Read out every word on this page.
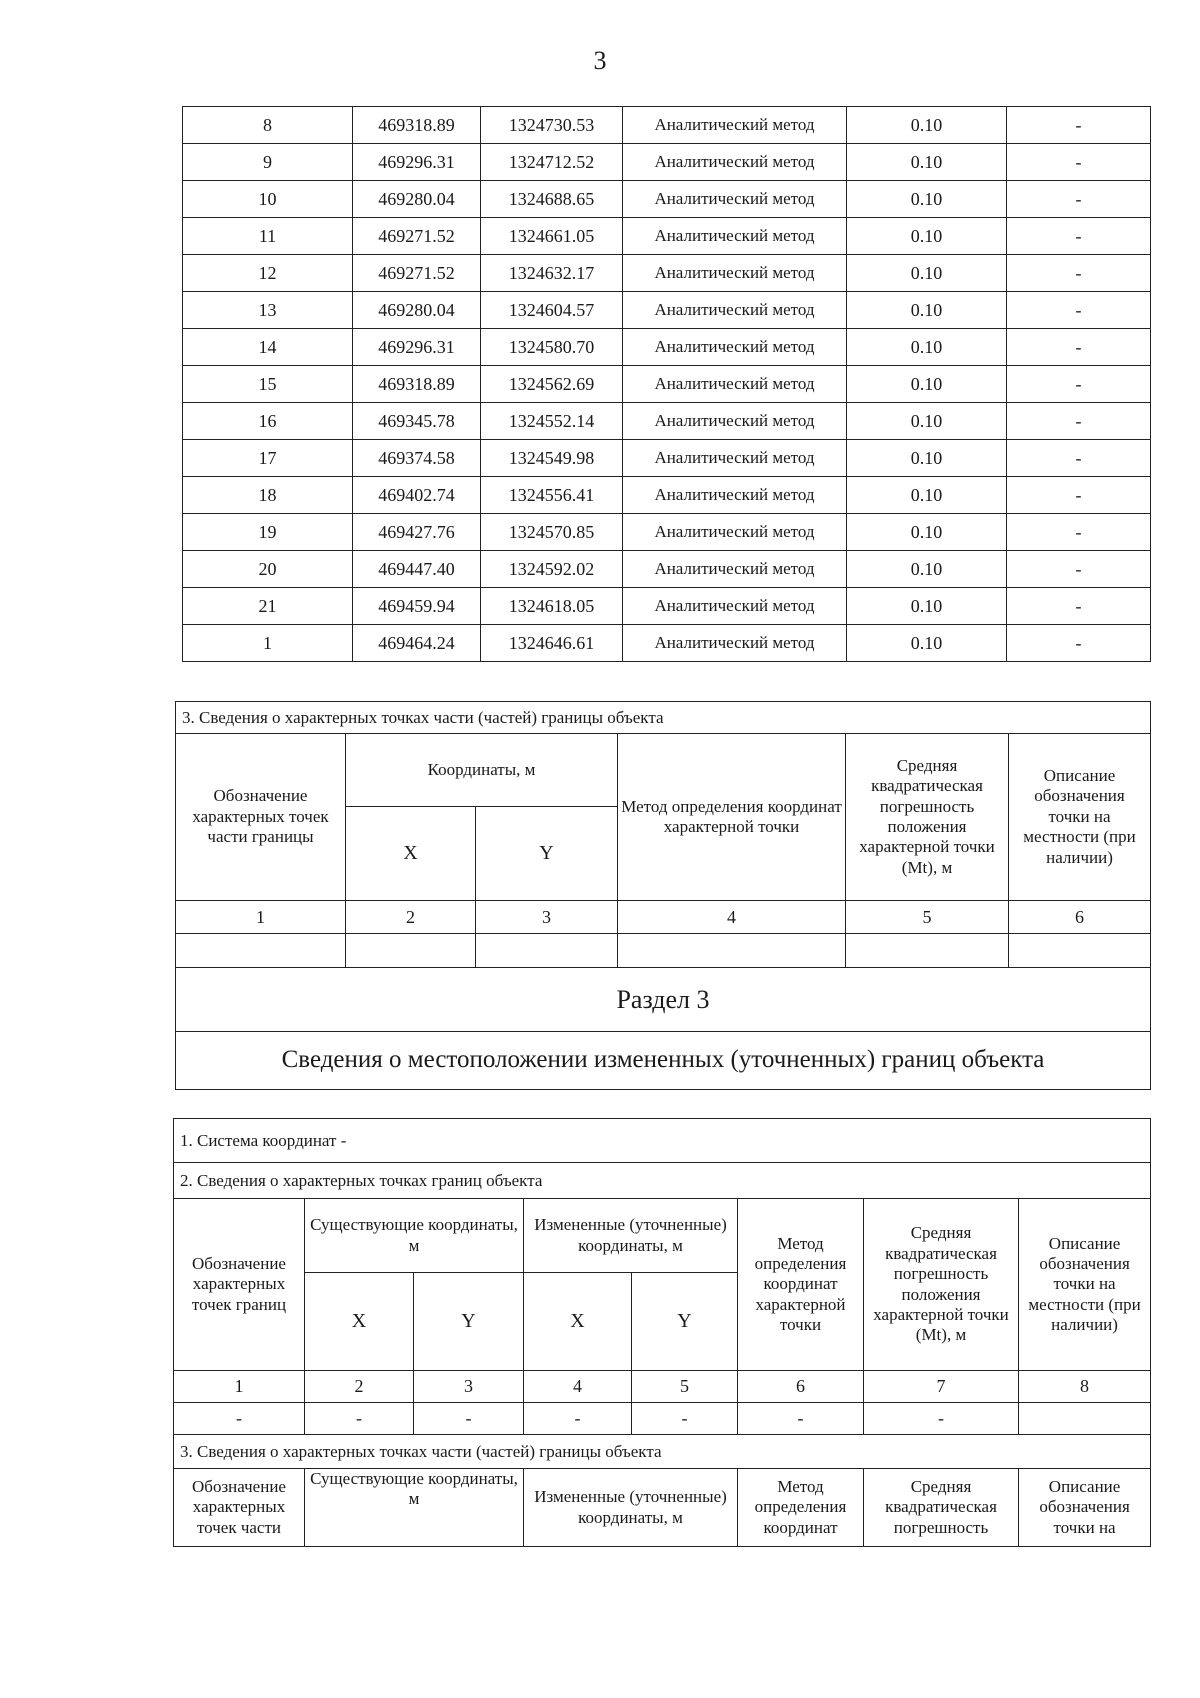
3
8	469318.89	1324730.53	Аналитический метод	0.10	-
9	469296.31	1324712.52	Аналитический метод	0.10	-
10	469280.04	1324688.65	Аналитический метод	0.10	-
11	469271.52	1324661.05	Аналитический метод	0.10	-
12	469271.52	1324632.17	Аналитический метод	0.10	-
13	469280.04	1324604.57	Аналитический метод	0.10	-
14	469296.31	1324580.70	Аналитический метод	0.10	-
15	469318.89	1324562.69	Аналитический метод	0.10	-
16	469345.78	1324552.14	Аналитический метод	0.10	-
17	469374.58	1324549.98	Аналитический метод	0.10	-
18	469402.74	1324556.41	Аналитический метод	0.10	-
19	469427.76	1324570.85	Аналитический метод	0.10	-
20	469447.40	1324592.02	Аналитический метод	0.10	-
21	469459.94	1324618.05	Аналитический метод	0.10	-
1	469464.24	1324646.61	Аналитический метод	0.10	-
3. Сведения о характерных точках части (частей) границы объекта					
Обозначение характерных точек части границы	Координаты, м		Метод определения координат характерной точки	Средняя квадратическая погрешность положения характерной точки (Mt), м	Описание обозначения точки на местности (при наличии)
	X	Y			
1	2	3	4	5	6

Раздел 3					
Сведения о местоположении измененных (уточненных) границ объекта					
1. Система координат -							
2. Сведения о характерных точках границ объекта							
Обозначение характерных точек границ	Существующие координаты, м		Измененные (уточненные) координаты, м		Метод определения координат характерной точки	Средняя квадратическая погрешность положения характерной точки (Mt), м	Описание обозначения точки на местности (при наличии)
	X	Y	X	Y			
1	2	3	4	5	6	7	8
-	-	-	-	-	-	-	
3. Сведения о характерных точках части (частей) границы объекта							
Обозначение характерных точек части	Существующие координаты, м		Измененные (уточненные) координаты, м		Метод определения координат	Средняя квадратическая погрешность	Описание обозначения точки на
